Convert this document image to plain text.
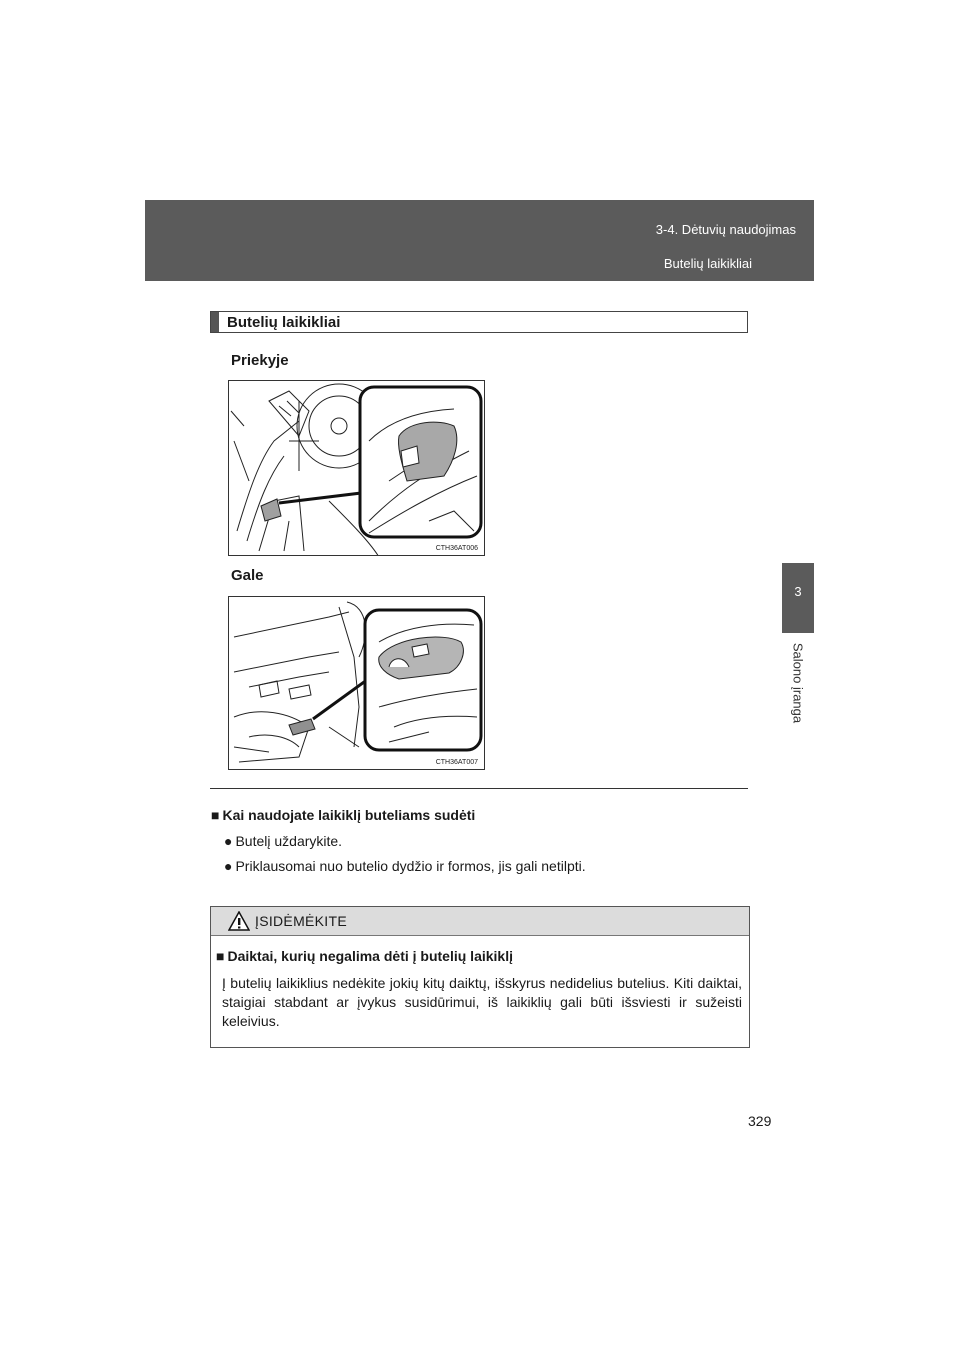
3-4. Dėtuvių naudojimas
Butelių laikikliai
3
Salono įranga
Butelių laikikliai
Priekyje
CTH36AT006
Gale
CTH36AT007
■ Kai naudojate laikiklį buteliams sudėti
● Butelį uždarykite.
● Priklausomai nuo butelio dydžio ir formos, jis gali netilpti.
ĮSIDĖMĖKITE
■ Daiktai, kurių negalima dėti į butelių laikiklį
Į butelių laikiklius nedėkite jokių kitų daiktų, išskyrus nedidelius butelius. Kiti daiktai, staigiai stabdant ar įvykus susidūrimui, iš laikiklių gali būti išsviesti ir sužeisti keleivius.
329
